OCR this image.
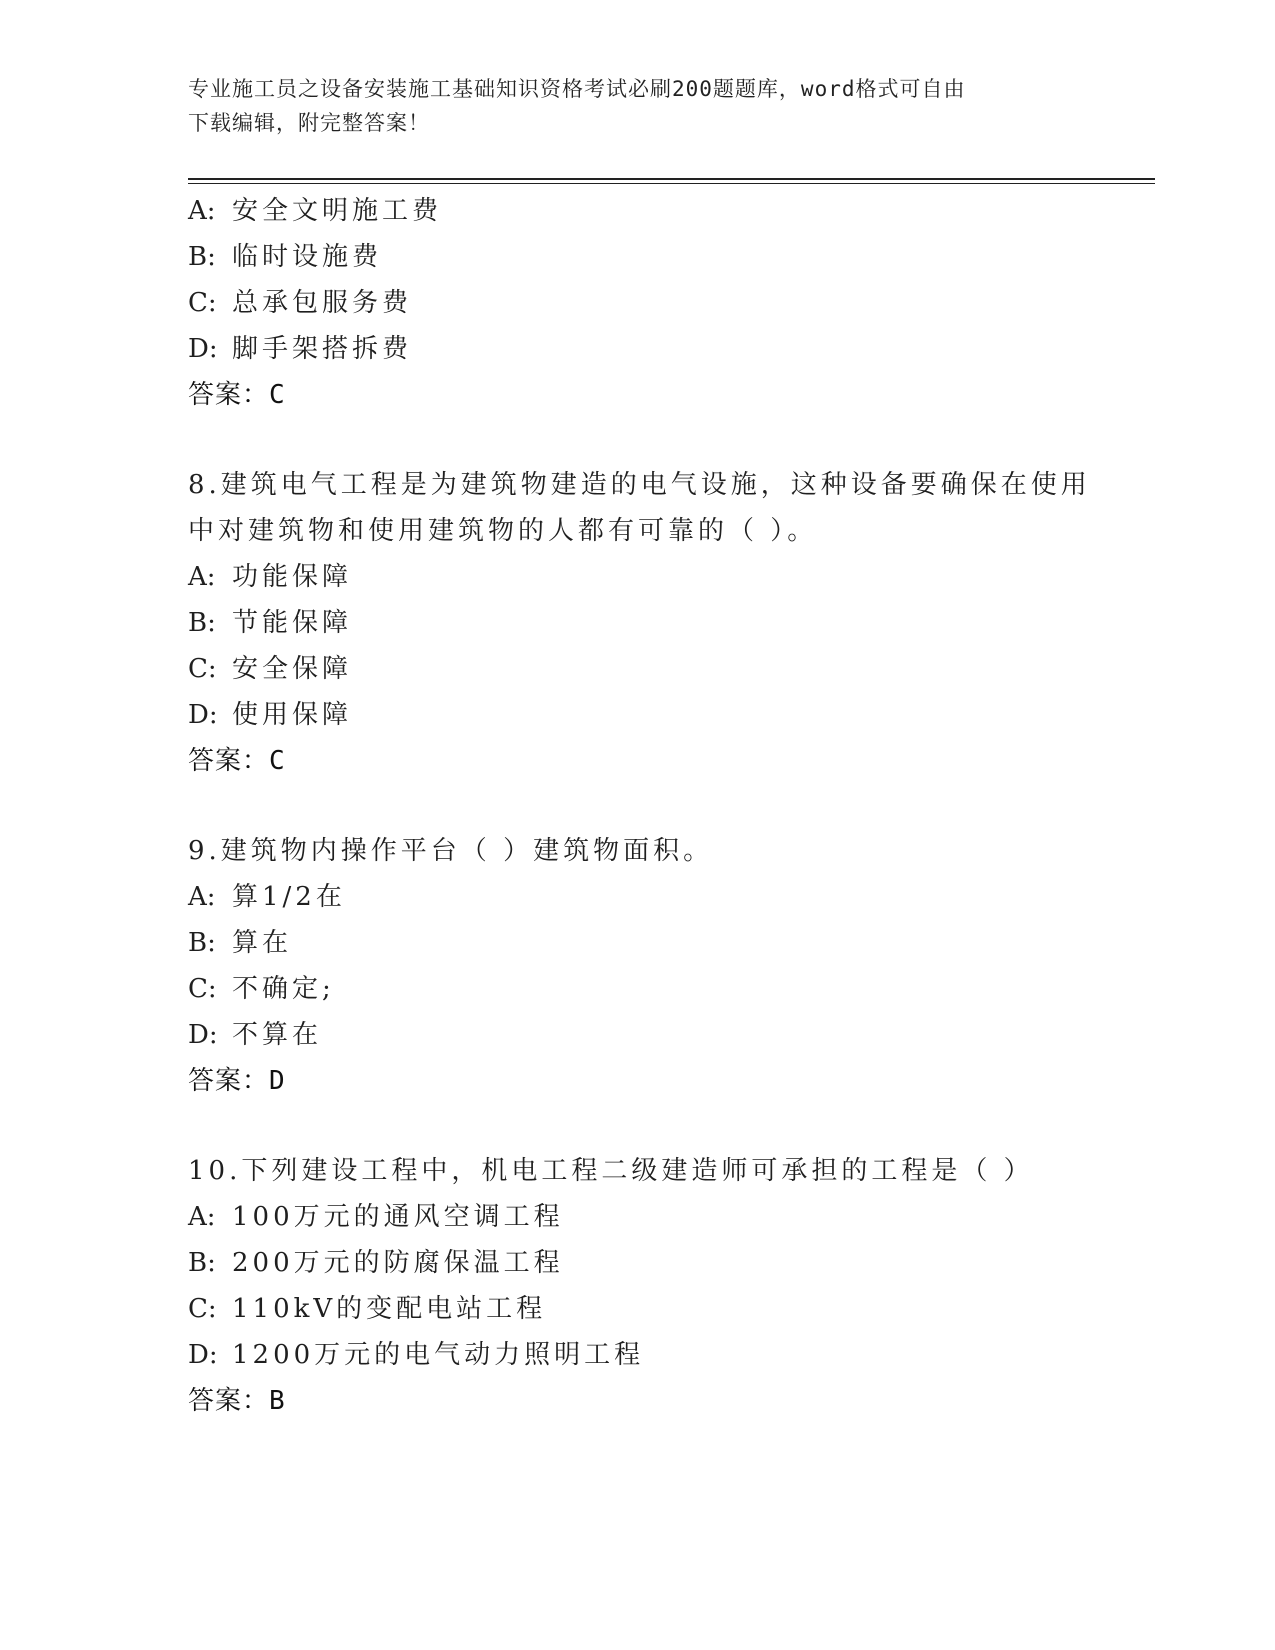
专业施工员之设备安装施工基础知识资格考试必刷200题题库，word格式可自由
下载编辑，附完整答案！
A: 安全文明施工费
B: 临时设施费
C: 总承包服务费
D: 脚手架搭拆费
答案：C
8.建筑电气工程是为建筑物建造的电气设施，这种设备要确保在使用
中对建筑物和使用建筑物的人都有可靠的（ ）。
A: 功能保障
B: 节能保障
C: 安全保障
D: 使用保障
答案：C
9.建筑物内操作平台（ ）建筑物面积。
A: 算1/2在
B: 算在
C: 不确定;
D: 不算在
答案：D
10.下列建设工程中，机电工程二级建造师可承担的工程是（ ）
A: 100万元的通风空调工程
B: 200万元的防腐保温工程
C: 110kV的变配电站工程
D: 1200万元的电气动力照明工程
答案：B
